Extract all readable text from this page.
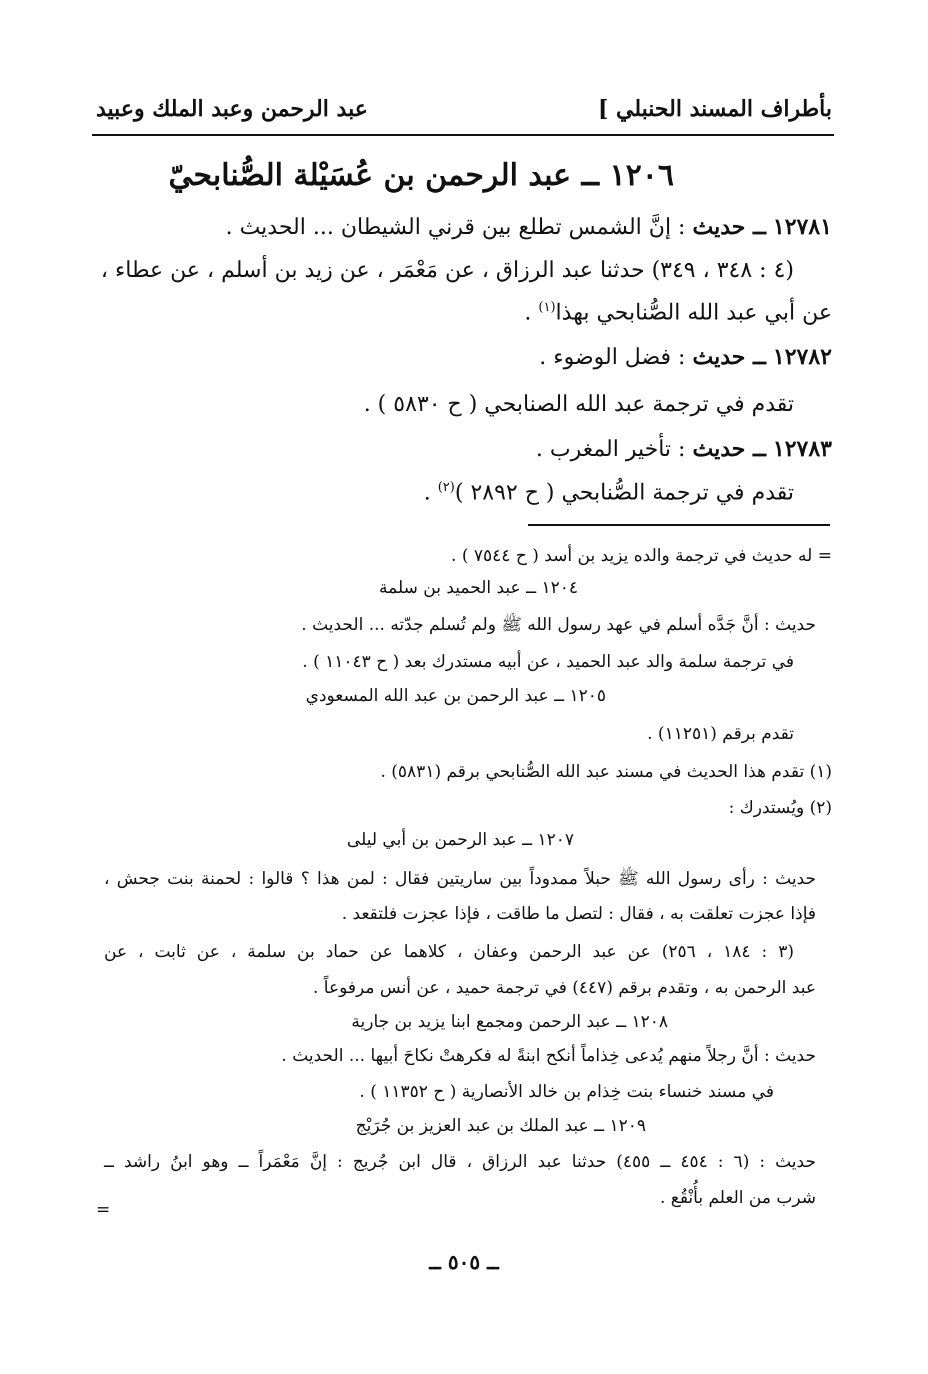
بأطراف المسند الحنبلي ]
عبد الرحمن وعبد الملك وعبيد
١٢٠٦ ــ عبد الرحمن بن عُسَيْلة الصُّنابحيّ
١٢٧٨١ ــ حديث : إنَّ الشمس تطلع بين قرني الشيطان ... الحديث .
(٤ : ٣٤٨ ، ٣٤٩) حدثنا عبد الرزاق ، عن مَعْمَر ، عن زيد بن أسلم ، عن عطاء ،
عن أبي عبد الله الصُّنابحي بهذا$^{(١)}$ .
١٢٧٨٢ ــ حديث : فضل الوضوء .
تقدم في ترجمة عبد الله الصنابحي ( ح ٥٨٣٠ ) .
١٢٧٨٣ ــ حديث : تأخير المغرب .
تقدم في ترجمة الصُّنابحي ( ح ٢٨٩٢ )$^{(٢)}$ .
= له حديث في ترجمة والده يزيد بن أسد ( ح ٧٥٤٤ ) .
١٢٠٤ ــ عبد الحميد بن سلمة
حديث : أنَّ جَدَّه أسلم في عهد رسول الله ﷺ ولم تُسلم جدّته ... الحديث .
في ترجمة سلمة والد عبد الحميد ، عن أبيه مستدرك بعد ( ح ١١٠٤٣ ) .
١٢٠٥ ــ عبد الرحمن بن عبد الله المسعودي
تقدم برقم (١١٢٥١) .
(١) تقدم هذا الحديث في مسند عبد الله الصُّنابحي برقم (٥٨٣١) .
(٢) ويُستدرك :
١٢٠٧ ــ عبد الرحمن بن أبي ليلى
حديث : رأى رسول الله ﷺ حبلاً ممدوداً بين ساريتين فقال : لمن هذا ؟ قالوا : لحمنة بنت جحش ،
فإذا عجزت تعلقت به ، فقال : لتصل ما طاقت ، فإذا عجزت فلتقعد .
(٣ : ١٨٤ ، ٢٥٦) عن عبد الرحمن وعفان ، كلاهما عن حماد بن سلمة ، عن ثابت ، عن
عبد الرحمن به ، وتقدم برقم (٤٤٧) في ترجمة حميد ، عن أنس مرفوعاً .
١٢٠٨ ــ عبد الرحمن ومجمع ابنا يزيد بن جارية
حديث : أنَّ رجلاً منهم يُدعى خِذاماً أنكح ابنةً له فكرهتْ نكاحَ أبيها ... الحديث .
في مسند خنساء بنت خِذام بن خالد الأنصارية ( ح ١١٣٥٢ ) .
١٢٠٩ ــ عبد الملك بن عبد العزيز بن جُرَيْج
حديث : (٦ : ٤٥٤ ــ ٤٥٥) حدثنا عبد الرزاق ، قال ابن جُريج : إنَّ مَعْمَراً ــ وهو ابنُ راشد ــ
شرب من العلم بأُنْقُع .
=
ــ ٥٠٥ ــ
